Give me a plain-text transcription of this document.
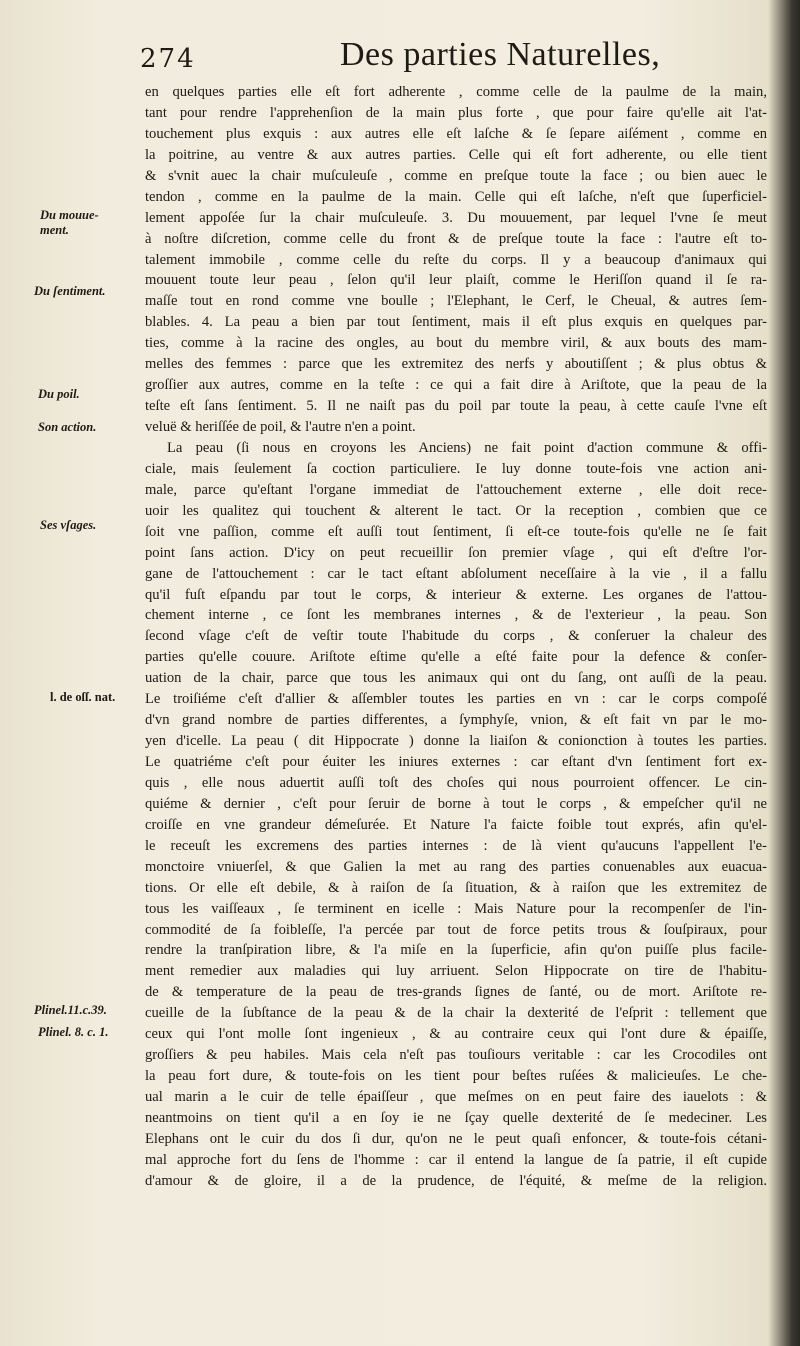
274	Des parties Naturelles,
Du mouue-
ment.
Du ſentiment.
Du poil.
Son action.
Ses vſages.
l. de oſſ. nat.
Plinel.11.c.39.
Plinel. 8. c. 1.
en quelques parties elle eſt fort adherente , comme celle de la paulme de la main,
tant pour rendre l'apprehenſion de la main plus forte , que pour faire qu'elle ait l'at-
touchement plus exquis : aux autres elle eſt laſche & ſe ſepare aiſément , comme en
la poitrine, au ventre & aux autres parties. Celle qui eſt fort adherente, ou elle tient
& s'vnit auec la chair muſculeuſe , comme en preſque toute la face ; ou bien auec le
tendon , comme en la paulme de la main. Celle qui eſt laſche, n'eſt que ſuperficiel-
lement appoſée ſur la chair muſculeuſe. 3. Du mouuement, par lequel l'vne ſe meut
à noſtre diſcretion, comme celle du front & de preſque toute la face : l'autre eſt to-
talement immobile , comme celle du reſte du corps. Il y a beaucoup d'animaux qui
mouuent toute leur peau , ſelon qu'il leur plaiſt, comme le Heriſſon quand il ſe ra-
maſſe tout en rond comme vne boulle ; l'Elephant, le Cerf, le Cheual, & autres ſem-
blables. 4. La peau a bien par tout ſentiment, mais il eſt plus exquis en quelques par-
ties, comme à la racine des ongles, au bout du membre viril, & aux bouts des mam-
melles des femmes : parce que les extremitez des nerfs y aboutiſſent ; & plus obtus &
groſſier aux autres, comme en la teſte : ce qui a fait dire à Ariſtote, que la peau de la
teſte eſt ſans ſentiment. 5. Il ne naiſt pas du poil par toute la peau, à cette cauſe l'vne eſt
veluë & heriſſée de poil, & l'autre n'en a point.
La peau (ſi nous en croyons les Anciens) ne fait point d'action commune & offi-
ciale, mais ſeulement ſa coction particuliere. Ie luy donne toute-fois vne action ani-
male, parce qu'eſtant l'organe immediat de l'attouchement externe , elle doit rece-
uoir les qualitez qui touchent & alterent le tact. Or la reception , combien que ce
ſoit vne paſſion, comme eſt auſſi tout ſentiment, ſi eſt-ce toute-fois qu'elle ne ſe fait
point ſans action. D'icy on peut recueillir ſon premier vſage , qui eſt d'eſtre l'or-
gane de l'attouchement : car le tact eſtant abſolument neceſſaire à la vie , il a fallu
qu'il fuſt eſpandu par tout le corps, & interieur & externe. Les organes de l'attou-
chement interne , ce ſont les membranes internes , & de l'exterieur , la peau. Son
ſecond vſage c'eſt de veſtir toute l'habitude du corps , & conſeruer la chaleur des
parties qu'elle couure. Ariſtote eſtime qu'elle a eſté faite pour la defence & conſer-
uation de la chair, parce que tous les animaux qui ont du ſang, ont auſſi de la peau.
Le troiſiéme c'eſt d'allier & aſſembler toutes les parties en vn : car le corps compoſé
d'vn grand nombre de parties differentes, a ſymphyſe, vnion, & eſt fait vn par le mo-
yen d'icelle. La peau ( dit Hippocrate ) donne la liaiſon & conionction à toutes les parties.
Le quatriéme c'eſt pour éuiter les iniures externes : car eſtant d'vn ſentiment fort ex-
quis , elle nous aduertit auſſi toſt des choſes qui nous pourroient offencer. Le cin-
quiéme & dernier , c'eſt pour ſeruir de borne à tout le corps , & empeſcher qu'il ne
croiſſe en vne grandeur démeſurée. Et Nature l'a faicte foible tout exprés, afin qu'el-
le receuſt les excremens des parties internes : de là vient qu'aucuns l'appellent l'e-
monctoire vniuerſel, & que Galien la met au rang des parties conuenables aux euacua-
tions. Or elle eſt debile, & à raiſon de ſa ſituation, & à raiſon que les extremitez de
tous les vaiſſeaux , ſe terminent en icelle : Mais Nature pour la recompenſer de l'in-
commodité de ſa foibleſſe, l'a percée par tout de force petits trous & ſouſpiraux, pour
rendre la tranſpiration libre, & l'a miſe en la ſuperficie, afin qu'on puiſſe plus facile-
ment remedier aux maladies qui luy arriuent. Selon Hippocrate on tire de l'habitu-
de & temperature de la peau de tres-grands ſignes de ſanté, ou de mort. Ariſtote re-
cueille de la ſubſtance de la peau & de la chair la dexterité de l'eſprit : tellement que
ceux qui l'ont molle ſont ingenieux , & au contraire ceux qui l'ont dure & épaiſſe,
groſſiers & peu habiles. Mais cela n'eſt pas touſiours veritable : car les Crocodiles ont
la peau fort dure, & toute-fois on les tient pour beſtes ruſées & malicieuſes. Le che-
ual marin a le cuir de telle épaiſſeur , que meſmes on en peut faire des iauelots : &
neantmoins on tient qu'il a en ſoy ie ne ſçay quelle dexterité de ſe medeciner. Les
Elephans ont le cuir du dos ſi dur, qu'on ne le peut quaſi enfoncer, & toute-fois cétani-
mal approche fort du ſens de l'homme : car il entend la langue de ſa patrie, il eſt cupide
d'amour & de gloire, il a de la prudence, de l'équité, & meſme de la religion.
